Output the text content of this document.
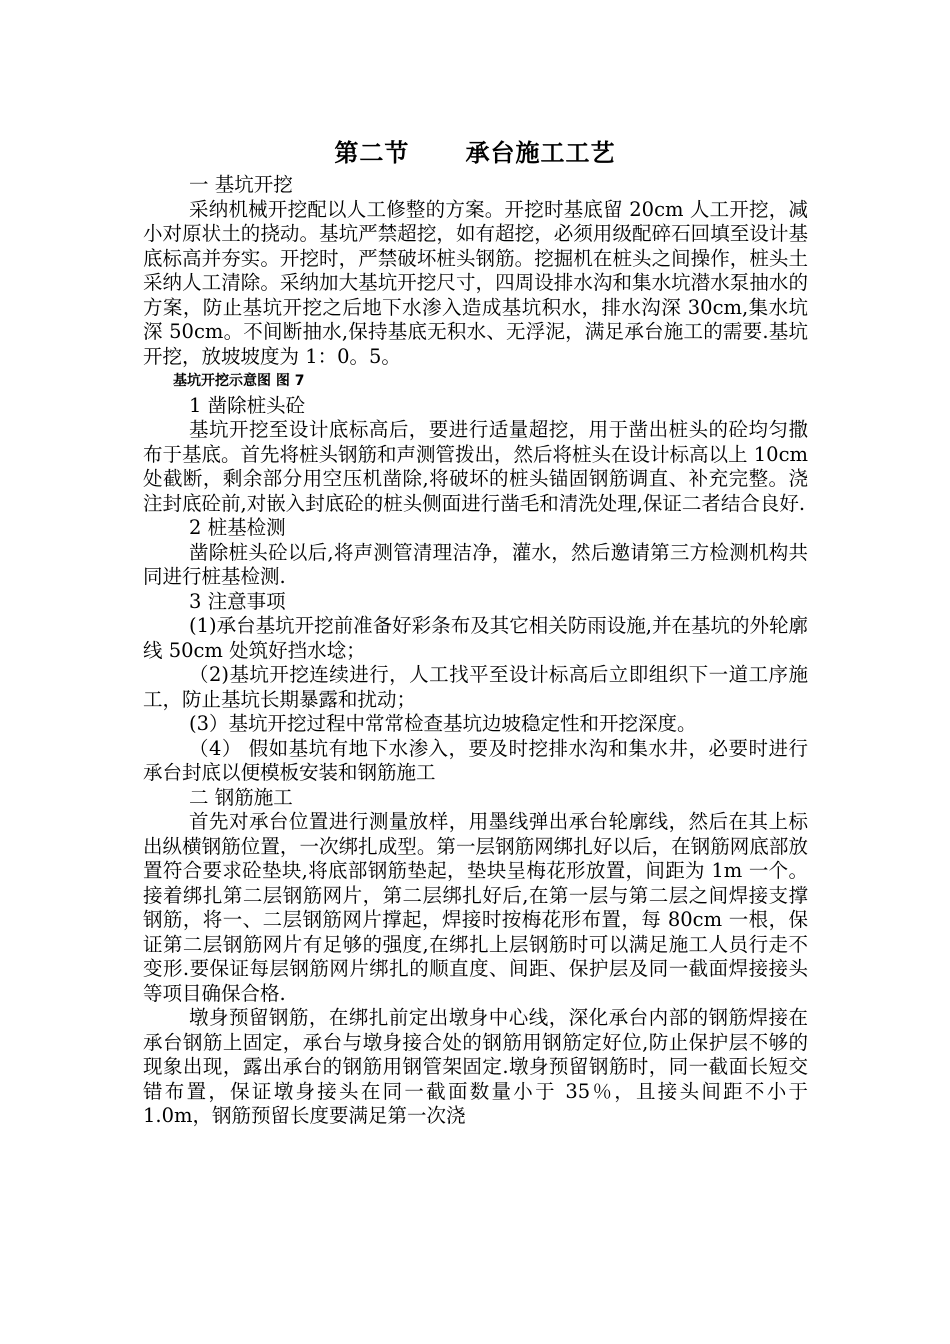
第二节      承台施工工艺

一 基坑开挖

采纳机械开挖配以人工修整的方案。开挖时基底留 20cm 人工开挖，减小对原状土的挠动。基坑严禁超挖，如有超挖，必须用级配碎石回填至设计基底标高并夯实。开挖时，严禁破坏桩头钢筋。挖掘机在桩头之间操作，桩头土采纳人工清除。采纳加大基坑开挖尺寸，四周设排水沟和集水坑潜水泵抽水的方案，防止基坑开挖之后地下水渗入造成基坑积水，排水沟深 30cm,集水坑深 50cm。不间断抽水,保持基底无积水、无浮泥，满足承台施工的需要.基坑开挖，放坡坡度为 1：0。5。

基坑开挖示意图 图 7

1 凿除桩头砼

基坑开挖至设计底标高后，要进行适量超挖，用于凿出桩头的砼均匀撒布于基底。首先将桩头钢筋和声测管拨出，然后将桩头在设计标高以上 10cm 处截断，剩余部分用空压机凿除,将破坏的桩头锚固钢筋调直、补充完整。浇注封底砼前,对嵌入封底砼的桩头侧面进行凿毛和清洗处理,保证二者结合良好.

2 桩基检测

凿除桩头砼以后,将声测管清理洁净，灌水，然后邀请第三方检测机构共同进行桩基检测.

3 注意事项

(1)承台基坑开挖前准备好彩条布及其它相关防雨设施,并在基坑的外轮廓线 50cm 处筑好挡水埝；

（2)基坑开挖连续进行，人工找平至设计标高后立即组织下一道工序施工，防止基坑长期暴露和扰动；

(3）基坑开挖过程中常常检查基坑边坡稳定性和开挖深度。

（4） 假如基坑有地下水渗入，要及时挖排水沟和集水井，必要时进行承台封底以便模板安装和钢筋施工

二 钢筋施工

首先对承台位置进行测量放样，用墨线弹出承台轮廓线，然后在其上标出纵横钢筋位置，一次绑扎成型。第一层钢筋网绑扎好以后，在钢筋网底部放置符合要求砼垫块,将底部钢筋垫起，垫块呈梅花形放置，间距为 1m 一个。接着绑扎第二层钢筋网片，第二层绑扎好后,在第一层与第二层之间焊接支撑钢筋，将一、二层钢筋网片撑起，焊接时按梅花形布置，每 80cm 一根，保证第二层钢筋网片有足够的强度,在绑扎上层钢筋时可以满足施工人员行走不变形.要保证每层钢筋网片绑扎的顺直度、间距、保护层及同一截面焊接接头等项目确保合格.

墩身预留钢筋，在绑扎前定出墩身中心线，深化承台内部的钢筋焊接在承台钢筋上固定，承台与墩身接合处的钢筋用钢筋定好位,防止保护层不够的现象出现，露出承台的钢筋用钢管架固定.墩身预留钢筋时，同一截面长短交错布置，保证墩身接头在同一截面数量小于 35％，且接头间距不小于 1.0m，钢筋预留长度要满足第一次浇
